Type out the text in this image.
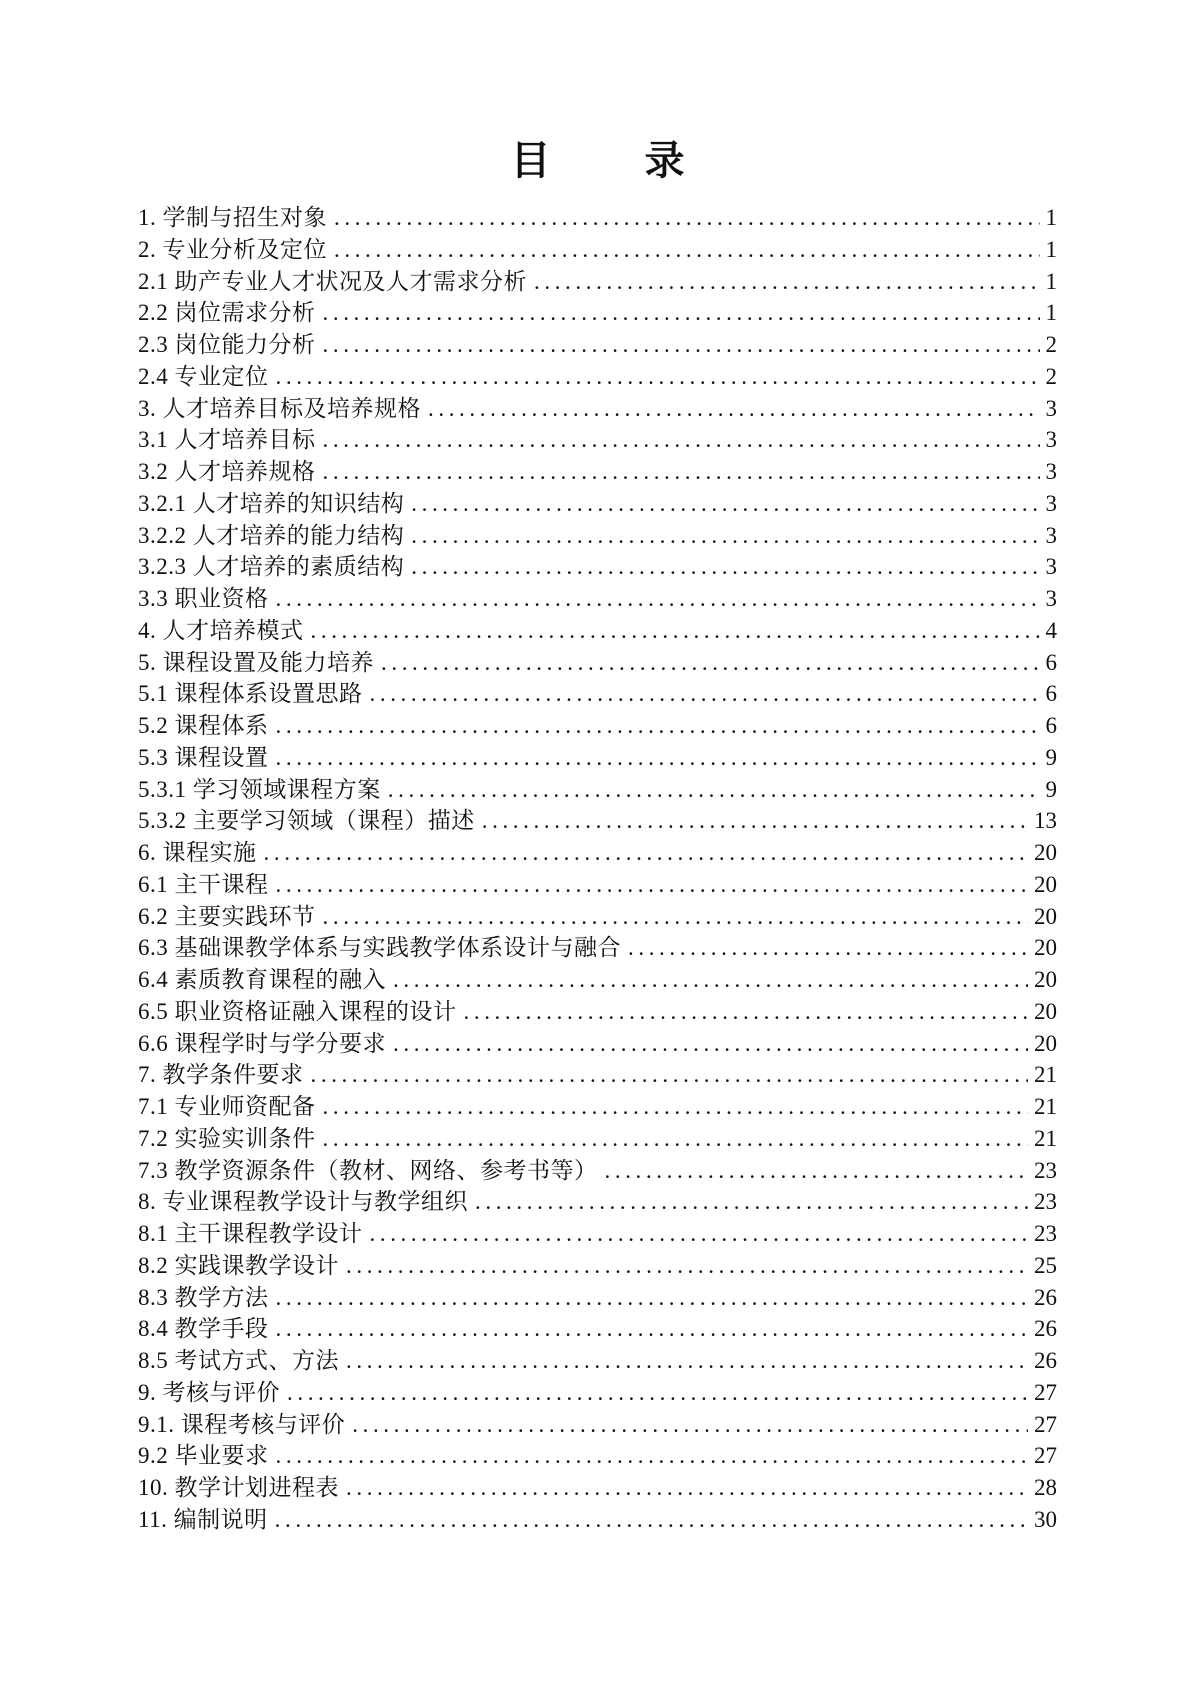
目 录
1. 学制与招生对象 .....	1
2. 专业分析及定位 .....	1
2.1 助产专业人才状况及人才需求分析 .....	1
2.2 岗位需求分析 .....	1
2.3 岗位能力分析 .....	2
2.4 专业定位 .....	2
3. 人才培养目标及培养规格 .....	3
3.1 人才培养目标 .....	3
3.2 人才培养规格 .....	3
3.2.1 人才培养的知识结构 .....	3
3.2.2 人才培养的能力结构 .....	3
3.2.3 人才培养的素质结构 .....	3
3.3 职业资格 .....	3
4. 人才培养模式 .....	4
5. 课程设置及能力培养 .....	6
5.1 课程体系设置思路 .....	6
5.2 课程体系 .....	6
5.3 课程设置 .....	9
5.3.1 学习领域课程方案 .....	9
5.3.2 主要学习领域（课程）描述 .....	13
6. 课程实施 .....	20
6.1 主干课程 .....	20
6.2 主要实践环节 .....	20
6.3 基础课教学体系与实践教学体系设计与融合 .....	20
6.4 素质教育课程的融入 .....	20
6.5 职业资格证融入课程的设计 .....	20
6.6 课程学时与学分要求 .....	20
7. 教学条件要求 .....	21
7.1 专业师资配备 .....	21
7.2 实验实训条件 .....	21
7.3 教学资源条件（教材、网络、参考书等） .....	23
8. 专业课程教学设计与教学组织 .....	23
8.1 主干课程教学设计 .....	23
8.2 实践课教学设计 .....	25
8.3 教学方法 .....	26
8.4 教学手段 .....	26
8.5 考试方式、方法 .....	26
9. 考核与评价 .....	27
9.1. 课程考核与评价 .....	27
9.2 毕业要求 .....	27
10. 教学计划进程表 .....	28
11. 编制说明 .....	30
